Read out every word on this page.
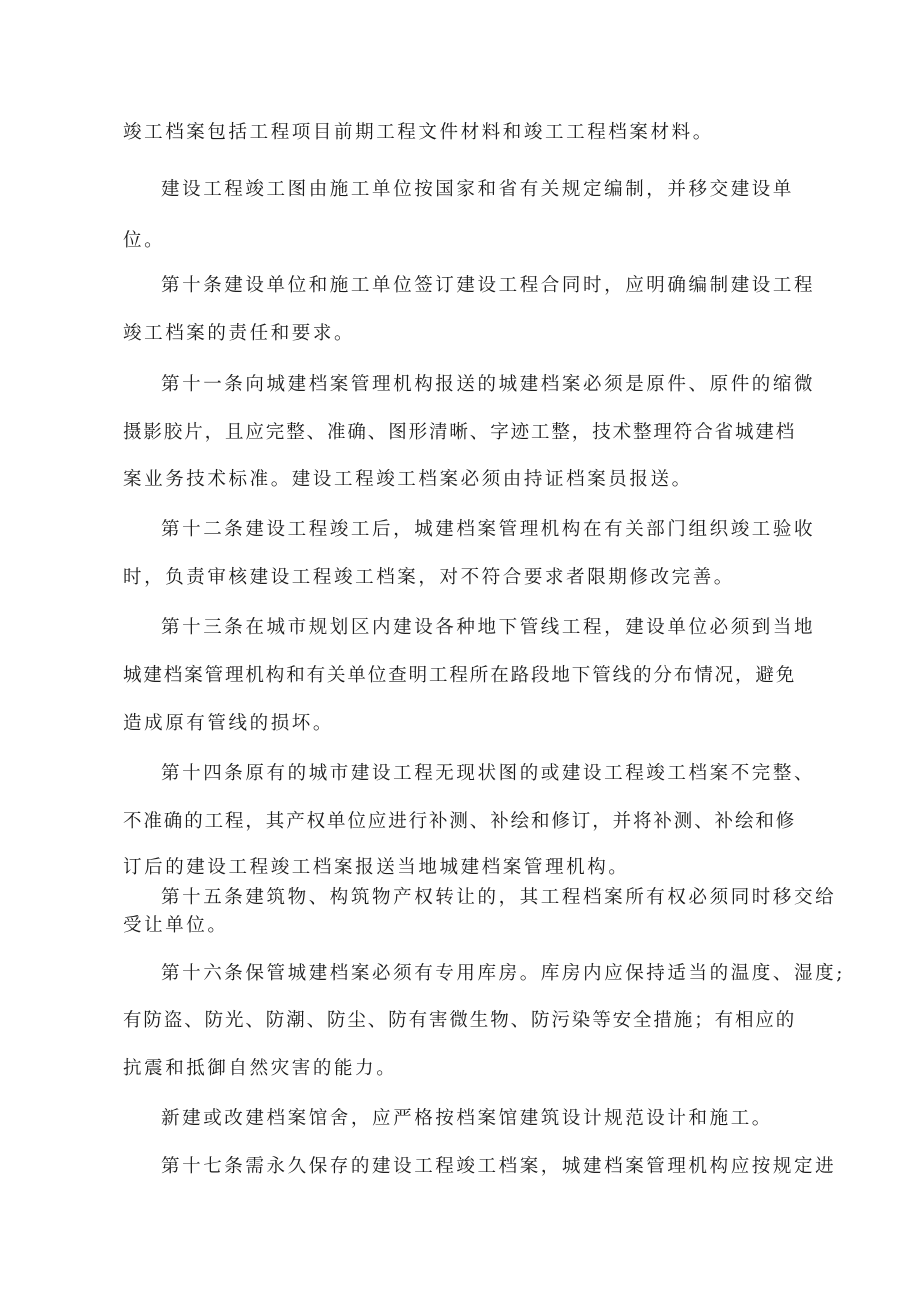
竣工档案包括工程项目前期工程文件材料和竣工工程档案材料。

建设工程竣工图由施工单位按国家和省有关规定编制，并移交建设单

位。

第十条建设单位和施工单位签订建设工程合同时，应明确编制建设工程

竣工档案的责任和要求。

第十一条向城建档案管理机构报送的城建档案必须是原件、原件的缩微

摄影胶片，且应完整、准确、图形清晰、字迹工整，技术整理符合省城建档

案业务技术标准。建设工程竣工档案必须由持证档案员报送。

第十二条建设工程竣工后，城建档案管理机构在有关部门组织竣工验收

时，负责审核建设工程竣工档案，对不符合要求者限期修改完善。

第十三条在城市规划区内建设各种地下管线工程，建设单位必须到当地

城建档案管理机构和有关单位查明工程所在路段地下管线的分布情况，避免

造成原有管线的损坏。

第十四条原有的城市建设工程无现状图的或建设工程竣工档案不完整、

不准确的工程，其产权单位应进行补测、补绘和修订，并将补测、补绘和修

订后的建设工程竣工档案报送当地城建档案管理机构。

第十五条建筑物、构筑物产权转让的，其工程档案所有权必须同时移交给

受让单位。

第十六条保管城建档案必须有专用库房。库房内应保持适当的温度、湿度;

有防盗、防光、防潮、防尘、防有害微生物、防污染等安全措施；有相应的

抗震和抵御自然灾害的能力。

新建或改建档案馆舍，应严格按档案馆建筑设计规范设计和施工。

第十七条需永久保存的建设工程竣工档案，城建档案管理机构应按规定进
